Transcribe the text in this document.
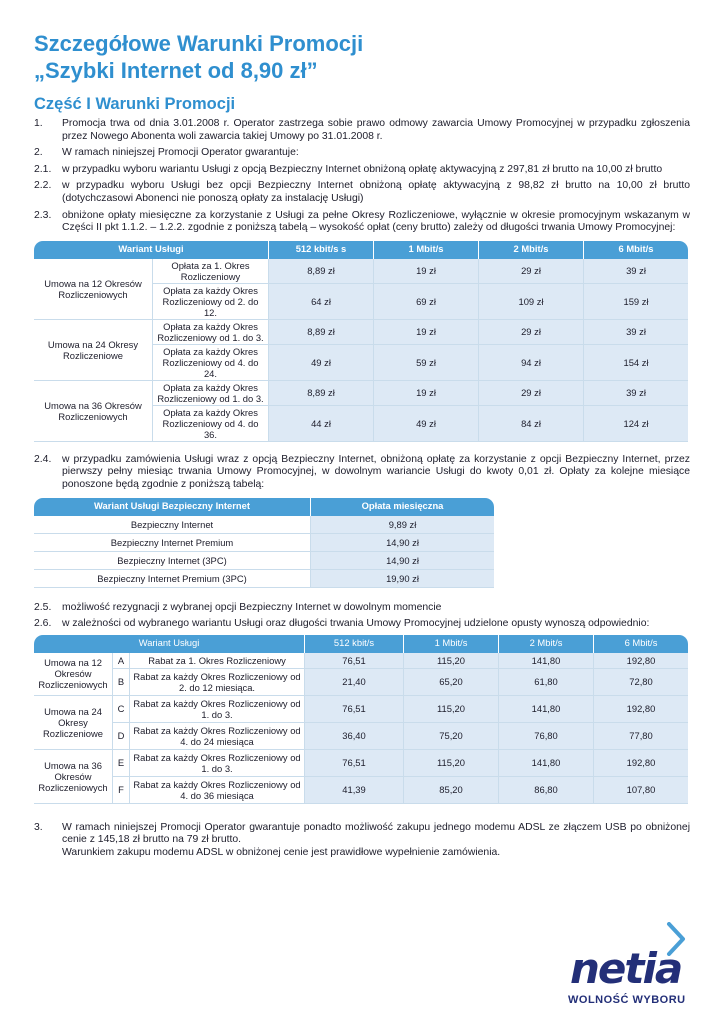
Szczegółowe Warunki Promocji
„Szybki Internet od 8,90 zł”
Część I Warunki Promocji
1.	Promocja trwa od dnia 3.01.2008 r. Operator zastrzega sobie prawo odmowy zawarcia Umowy Promocyjnej w przypadku zgłoszenia przez Nowego Abonenta woli zawarcia takiej Umowy po 31.01.2008 r.
2.	W ramach niniejszej Promocji Operator gwarantuje:
2.1.	w przypadku wyboru wariantu Usługi z opcją Bezpieczny Internet obniżoną opłatę aktywacyjną z 297,81 zł brutto na 10,00 zł brutto
2.2.	w przypadku wyboru Usługi bez opcji Bezpieczny Internet obniżoną opłatę aktywacyjną z 98,82 zł brutto na 10,00 zł brutto (dotychczasowi Abonenci nie ponoszą opłaty za instalację Usługi)
2.3.	obniżone opłaty miesięczne za korzystanie z Usługi za pełne Okresy Rozliczeniowe, wyłącznie w okresie promocyjnym wskazanym w Części II pkt 1.1.2. – 1.2.2. zgodnie z poniższą tabelą – wysokość opłat (ceny brutto) zależy od długości trwania Umowy Promocyjnej:
Wariant Usługi		512 kbit/s s	1 Mbit/s	2 Mbit/s	6 Mbit/s
Umowa na 12 Okresów Rozliczeniowych	Opłata za 1. Okres Rozliczeniowy	8,89 zł	19 zł	29 zł	39 zł
	Opłata za każdy Okres Rozliczeniowy od 2. do 12.	64 zł	69 zł	109 zł	159 zł
Umowa na 24 Okresy Rozliczeniowe	Opłata za każdy Okres Rozliczeniowy od 1. do 3.	8,89 zł	19 zł	29 zł	39 zł
	Opłata za każdy Okres Rozliczeniowy od 4. do 24.	49 zł	59 zł	94 zł	154 zł
Umowa na 36 Okresów Rozliczeniowych	Opłata za każdy Okres Rozliczeniowy od 1. do 3.	8,89 zł	19 zł	29 zł	39 zł
	Opłata za każdy Okres Rozliczeniowy od 4. do 36.	44 zł	49 zł	84 zł	124 zł
2.4.	w przypadku zamówienia Usługi wraz z opcją Bezpieczny Internet, obniżoną opłatę za korzystanie z opcji Bezpieczny Internet, przez pierwszy pełny miesiąc trwania Umowy Promocyjnej, w dowolnym wariancie Usługi do kwoty 0,01 zł. Opłaty za kolejne miesiące ponoszone będą zgodnie z poniższą tabelą:
Wariant Usługi Bezpieczny Internet	Opłata miesięczna
Bezpieczny Internet	9,89 zł
Bezpieczny Internet Premium	14,90 zł
Bezpieczny Internet (3PC)	14,90 zł
Bezpieczny Internet Premium (3PC)	19,90 zł
2.5.	możliwość rezygnacji z wybranej opcji Bezpieczny Internet w dowolnym momencie
2.6.	w zależności od wybranego wariantu Usługi oraz długości trwania Umowy Promocyjnej udzielone opusty wynoszą odpowiednio:
Wariant Usługi			512 kbit/s	1 Mbit/s	2 Mbit/s	6 Mbit/s
Umowa na 12 Okresów Rozliczeniowych	A	Rabat za 1. Okres Rozliczeniowy	76,51	115,20	141,80	192,80
	B	Rabat za każdy Okres Rozliczeniowy od 2. do 12 miesiąca.	21,40	65,20	61,80	72,80
Umowa na 24 Okresy Rozliczeniowe	C	Rabat za każdy Okres Rozliczeniowy od 1. do 3.	76,51	115,20	141,80	192,80
	D	Rabat za każdy Okres Rozliczeniowy od 4. do 24 miesiąca	36,40	75,20	76,80	77,80
Umowa na 36 Okresów Rozliczeniowych	E	Rabat za każdy Okres Rozliczeniowy od 1. do 3.	76,51	115,20	141,80	192,80
	F	Rabat za każdy Okres Rozliczeniowy od 4. do 36 miesiąca	41,39	85,20	86,80	107,80
3.	W ramach niniejszej Promocji Operator gwarantuje ponadto możliwość zakupu jednego modemu ADSL ze złączem USB po obniżonej cenie z 145,18 zł brutto na 79 zł brutto.
Warunkiem zakupu modemu ADSL w obniżonej cenie jest prawidłowe wypełnienie zamówienia.
netia
WOLNOŚĆ WYBORU
